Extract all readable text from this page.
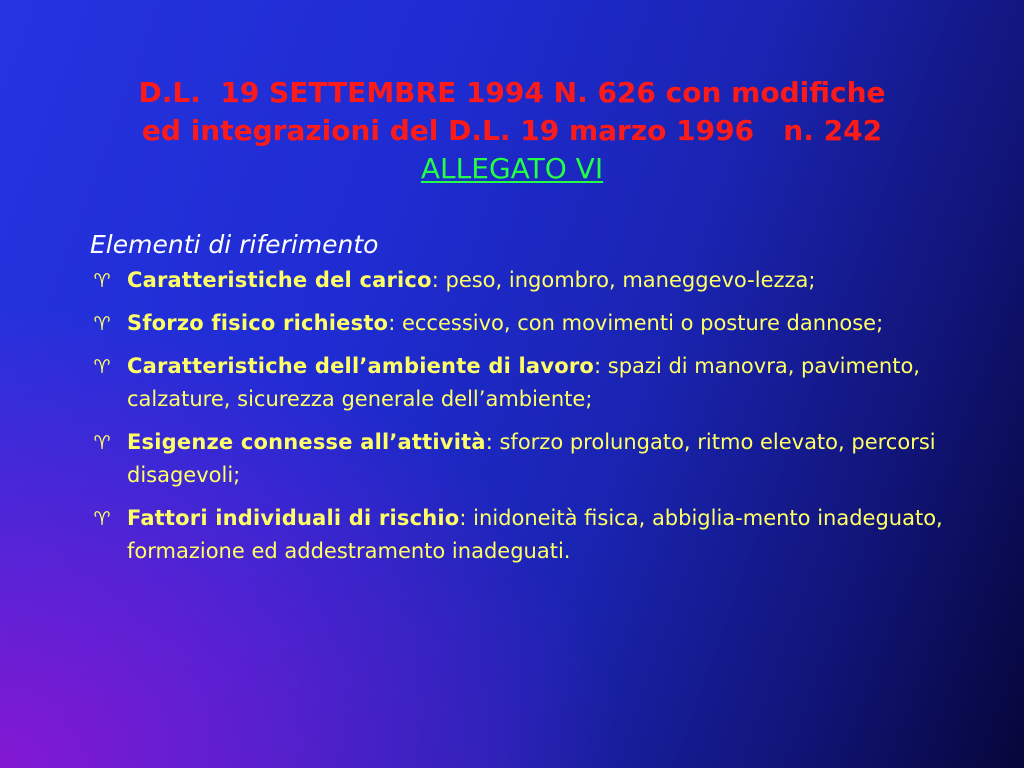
D.L.  19 SETTEMBRE 1994 N. 626 con modifiche
ed integrazioni del D.L. 19 marzo 1996   n. 242
ALLEGATO VI
Elementi di riferimento
♈ Caratteristiche del carico: peso, ingombro, maneggevo-lezza;
♈ Sforzo fisico richiesto: eccessivo, con movimenti o posture dannose;
♈ Caratteristiche dell’ambiente di lavoro: spazi di manovra, pavimento, calzature, sicurezza generale dell’ambiente;
♈ Esigenze connesse all’attività: sforzo prolungato, ritmo elevato, percorsi disagevoli;
♈ Fattori individuali di rischio: inidoneità fisica, abbiglia-mento inadeguato, formazione ed addestramento inadeguati.
